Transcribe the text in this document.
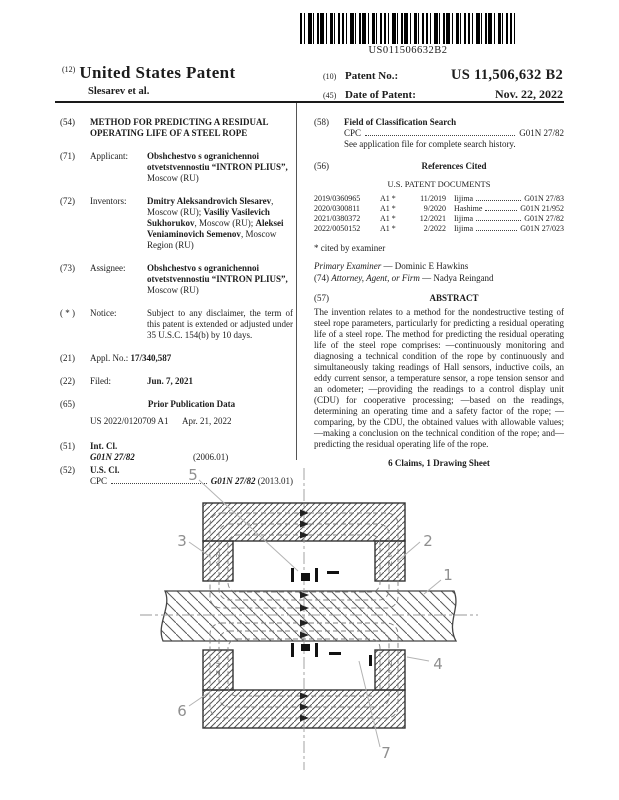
US011506632B2
$^{(12)}$ United States Patent
Slesarev et al.
(10) Patent No.:	US 11,506,632 B2
(45) Date of Patent:	Nov. 22, 2022
(54)	METHOD FOR PREDICTING A RESIDUAL OPERATING LIFE OF A STEEL ROPE
(71)	Applicant:	Obshchestvo s ogranichennoi otvetstvennostiu “INTRON PLIUS”, Moscow (RU)
(72)	Inventors:	Dmitry Aleksandrovich Slesarev, Moscow (RU); Vasiliy Vasilevich Sukhorukov, Moscow (RU); Aleksei Veniaminovich Semenov, Moscow Region (RU)
(73)	Assignee:	Obshchestvo s ogranichennoi otvetstvennostiu “INTRON PLIUS”, Moscow (RU)
( * )	Notice:	Subject to any disclaimer, the term of this patent is extended or adjusted under 35 U.S.C. 154(b) by 10 days.
(21)	Appl. No.: 17/340,587
(22)	Filed:	Jun. 7, 2021
(65)	Prior Publication Data
US 2022/0120709 A1 Apr. 21, 2022
(51)	Int. Cl.
G01N 27/82	(2006.01)
(52)	U.S. Cl.
CPC	G01N 27/82
(2013.01)
(58)	Field of Classification Search
CPC	G01N 27/82
See application file for complete search history.
(56)	References Cited
U.S. PATENT DOCUMENTS
2019/0360965	A1 *	11/2019	Iijima	G01N 27/83
2020/0300811	A1 *	9/2020	Hashime	G01N 21/952
2021/0380372	A1 *	12/2021	Iijima	G01N 27/82
2022/0050152	A1 *	2/2022	Iijima	G01N 27/023
* cited by examiner
Primary Examiner — Dominic E Hawkins
(74) Attorney, Agent, or Firm — Nadya Reingand
(57)	ABSTRACT
The invention relates to a method for the nondestructive testing of steel rope parameters, particularly for predicting a residual operating life of a steel rope. The method for predicting the residual operating life of the steel rope comprises: —continuously monitoring and diagnosing a technical condition of the rope by continuously and simultaneously taking readings of Hall sensors, inductive coils, an eddy current sensor, a temperature sensor, a rope tension sensor and an odometer; —providing the readings to a control display unit (CDU) for cooperative processing; —based on the readings, determining an operating time and a safety factor of the rope; —comparing, by the CDU, the obtained values with allowable values; —making a conclusion on the technical condition of the rope; and—predicting the residual operating life of the rope.
6 Claims, 1 Drawing Sheet
5
3	2
1
4
6
7
N
S
S
N
S
N
N
S
